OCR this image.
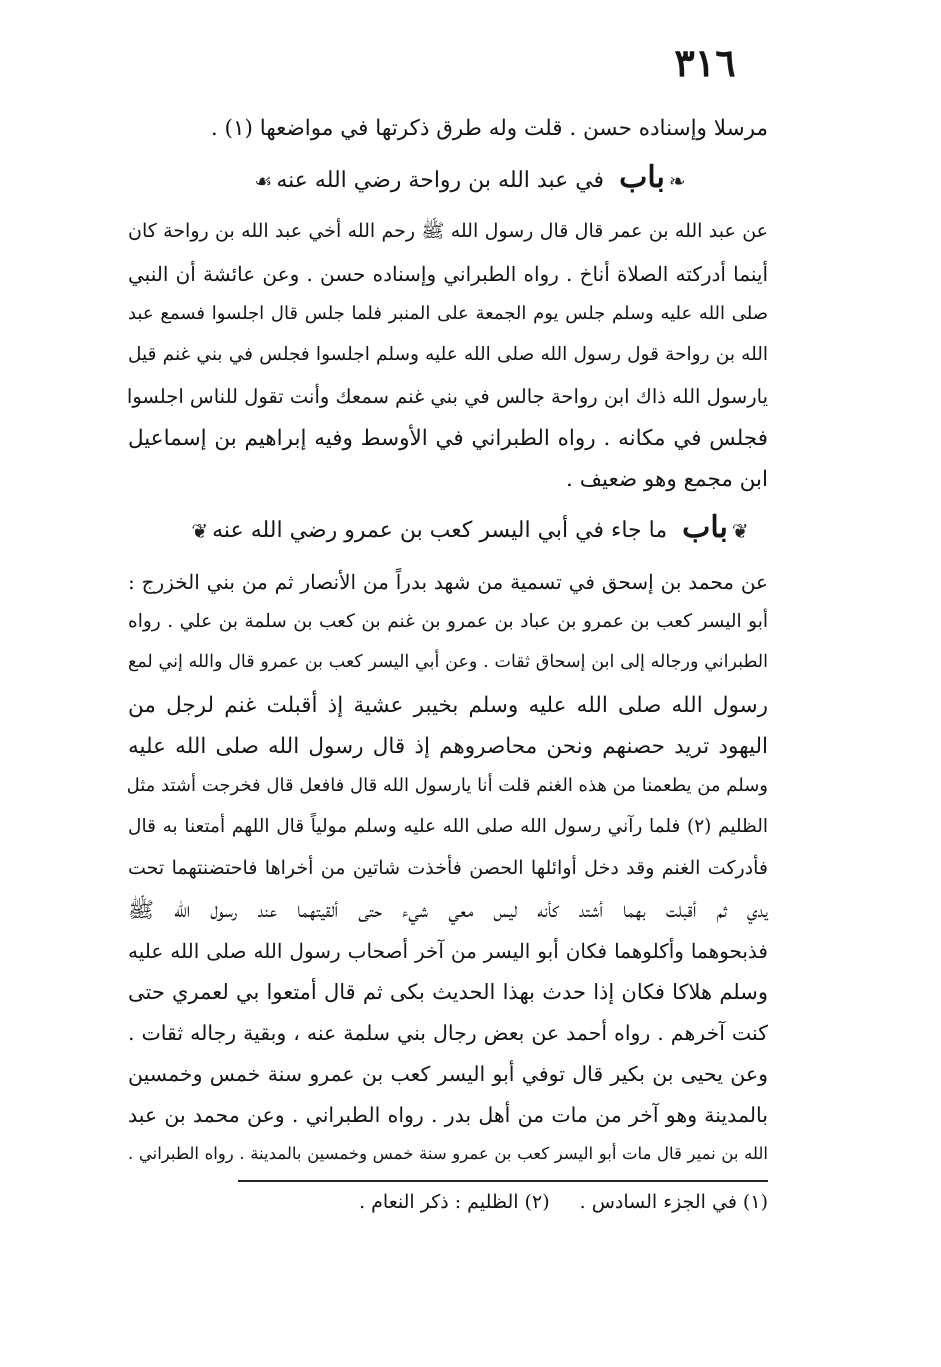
٣١٦
مرسلا وإسناده حسن . قلت وله طرق ذكرتها في مواضعها (١) .
❧باب في عبد الله بن رواحة رضي الله عنه☙
عن عبد الله بن عمر قال قال رسول الله ﷺ رحم الله أخي عبد الله بن رواحة كان
أينما أدركته الصلاة أناخ . رواه الطبراني وإسناده حسن . وعن عائشة أن النبي
صلى الله عليه وسلم جلس يوم الجمعة على المنبر فلما جلس قال اجلسوا فسمع عبد
الله بن رواحة قول رسول الله صلى الله عليه وسلم اجلسوا فجلس في بني غنم قيل
يارسول الله ذاك ابن رواحة جالس في بني غنم سمعك وأنت تقول للناس اجلسوا
فجلس في مكانه . رواه الطبراني في الأوسط وفيه إبراهيم بن إسماعيل
ابن مجمع وهو ضعيف .
❦باب ما جاء في أبي اليسر كعب بن عمرو رضي الله عنه❦
عن محمد بن إسحق في تسمية من شهد بدراً من الأنصار ثم من بني الخزرج :
أبو اليسر كعب بن عمرو بن عباد بن عمرو بن غنم بن كعب بن سلمة بن علي . رواه
الطبراني ورجاله إلى ابن إسحاق ثقات . وعن أبي اليسر كعب بن عمرو قال والله إني لمع
رسول الله صلى الله عليه وسلم بخيبر عشية إذ أقبلت غنم لرجل من
اليهود تريد حصنهم ونحن محاصروهم إذ قال رسول الله صلى الله عليه
وسلم من يطعمنا من هذه الغنم قلت أنا يارسول الله قال فافعل قال فخرجت أشتد مثل
الظليم (٢) فلما رآني رسول الله صلى الله عليه وسلم مولياً قال اللهم أمتعنا به قال
فأدركت الغنم وقد دخل أوائلها الحصن فأخذت شاتين من أخراها فاحتضنتهما تحت
يدي ثم أقبلت بهما أشتد كأنه ليس معي شيء حتى ألقيتهما عند رسول الله ﷺ
فذبحوهما وأكلوهما فكان أبو اليسر من آخر أصحاب رسول الله صلى الله عليه
وسلم هلاكا فكان إذا حدث بهذا الحديث بكى ثم قال أمتعوا بي لعمري حتى
كنت آخرهم . رواه أحمد عن بعض رجال بني سلمة عنه ، وبقية رجاله ثقات .
وعن يحيى بن بكير قال توفي أبو اليسر كعب بن عمرو سنة خمس وخمسين
بالمدينة وهو آخر من مات من أهل بدر . رواه الطبراني . وعن محمد بن عبد
الله بن نمير قال مات أبو اليسر كعب بن عمرو سنة خمس وخمسين بالمدينة . رواه الطبراني .
(١) في الجزء السادس .(٢) الظليم : ذكر النعام .
